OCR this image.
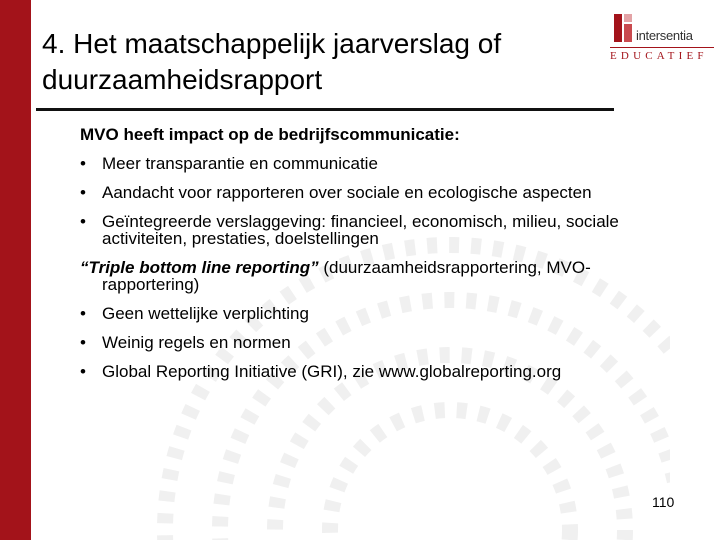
4. Het maatschappelijk jaarverslag of
duurzaamheidsrapport
intersentia
EDUCATIEF
MVO heeft impact op de bedrijfscommunicatie:
• Meer transparantie en communicatie
• Aandacht voor rapporteren over sociale en ecologische aspecten
• Geïntegreerde verslaggeving: financieel, economisch, milieu, sociale
activiteiten, prestaties, doelstellingen
“Triple bottom line reporting” (duurzaamheidsrapportering, MVO-
rapportering)
• Geen wettelijke verplichting
• Weinig regels en normen
• Global Reporting Initiative (GRI), zie www.globalreporting.org
110
